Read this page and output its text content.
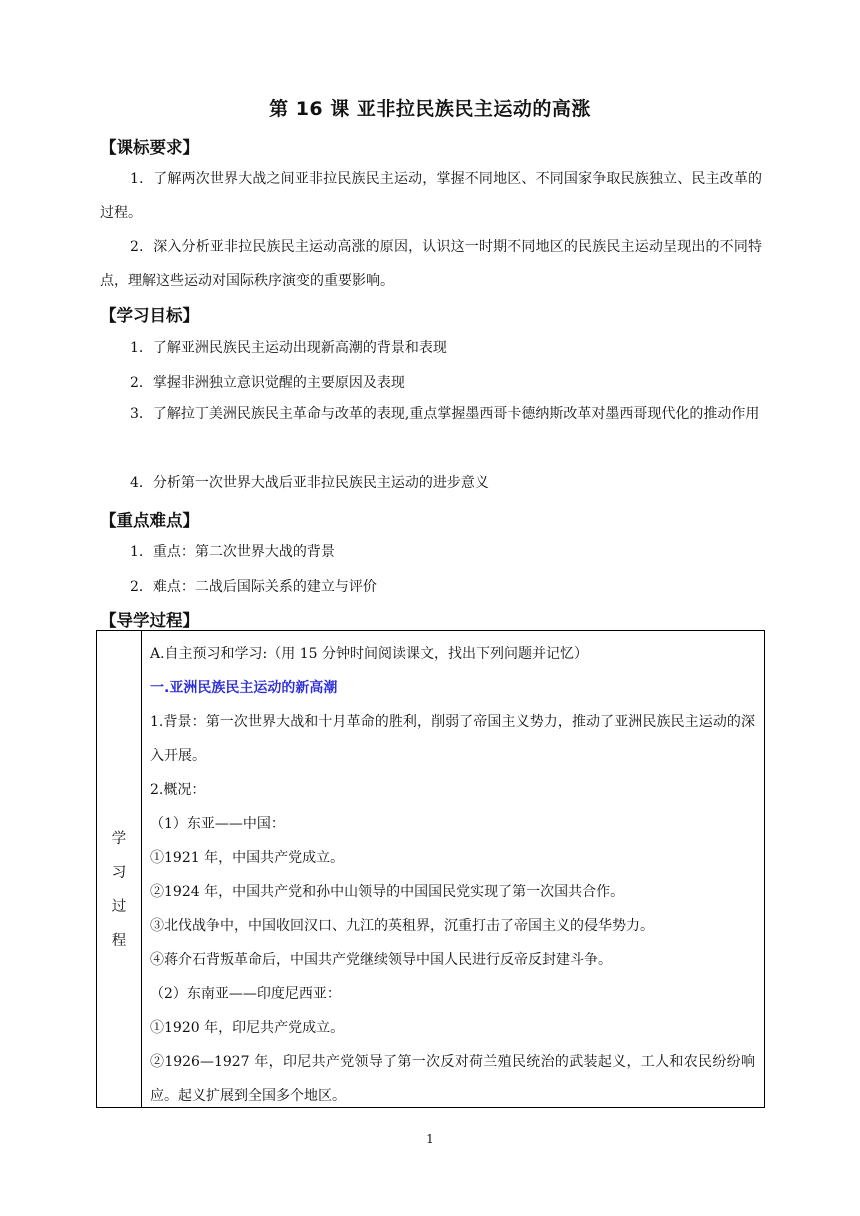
第 16 课 亚非拉民族民主运动的高涨
【课标要求】
1．了解两次世界大战之间亚非拉民族民主运动，掌握不同地区、不同国家争取民族独立、民主改革的过程。
2．深入分析亚非拉民族民主运动高涨的原因，认识这一时期不同地区的民族民主运动呈现出的不同特点，理解这些运动对国际秩序演变的重要影响。
【学习目标】
1．了解亚洲民族民主运动出现新高潮的背景和表现
2．掌握非洲独立意识觉醒的主要原因及表现
3．了解拉丁美洲民族民主革命与改革的表现,重点掌握墨西哥卡德纳斯改革对墨西哥现代化的推动作用
4．分析第一次世界大战后亚非拉民族民主运动的进步意义
【重点难点】
1．重点：第二次世界大战的背景
2．难点：二战后国际关系的建立与评价
【导学过程】
学
习
过
程
A.自主预习和学习:（用 15 分钟时间阅读课文，找出下列问题并记忆）
一.亚洲民族民主运动的新高潮
1.背景：第一次世界大战和十月革命的胜利，削弱了帝国主义势力，推动了亚洲民族民主运动的深入开展。
2.概况：
（1）东亚——中国：
①1921 年，中国共产党成立。
②1924 年，中国共产党和孙中山领导的中国国民党实现了第一次国共合作。
③北伐战争中，中国收回汉口、九江的英租界，沉重打击了帝国主义的侵华势力。
④蒋介石背叛革命后，中国共产党继续领导中国人民进行反帝反封建斗争。
（2）东南亚——印度尼西亚：
①1920 年，印尼共产党成立。
②1926—1927 年，印尼共产党领导了第一次反对荷兰殖民统治的武装起义，工人和农民纷纷响应。起义扩展到全国多个地区。
1
